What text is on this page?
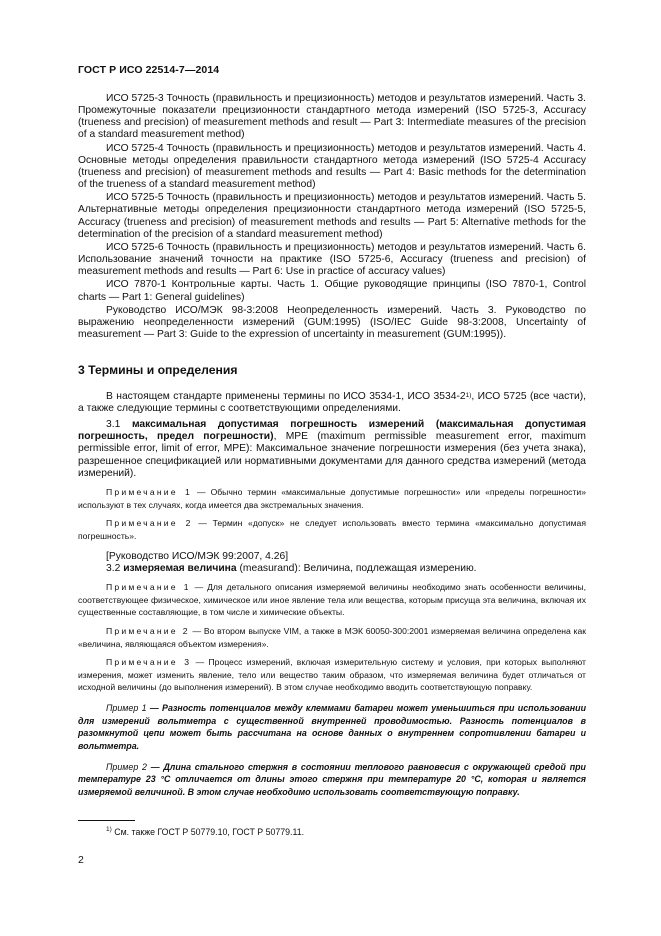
ГОСТ Р ИСО 22514-7—2014

ИСО 5725-3 Точность (правильность и прецизионность) методов и результатов измерений. Часть 3. Промежуточные показатели прецизионности стандартного метода измерений (ISO 5725-3, Accuracy (trueness and precision) of measurement methods and result — Part 3: Intermediate measures of the precision of a standard measurement method)

ИСО 5725-4 Точность (правильность и прецизионность) методов и результатов измерений. Часть 4. Основные методы определения правильности стандартного метода измерений (ISO 5725-4 Accuracy (trueness and precision) of measurement methods and results — Part 4: Basic methods for the determination of the trueness of a standard measurement method)

ИСО 5725-5 Точность (правильность и прецизионность) методов и результатов измерений. Часть 5. Альтернативные методы определения прецизионности стандартного метода измерений (ISO 5725-5, Accuracy (trueness and precision) of measurement methods and results — Part 5: Alternative methods for the determination of the precision of a standard measurement method)

ИСО 5725-6 Точность (правильность и прецизионность) методов и результатов измерений. Часть 6. Использование значений точности на практике (ISO 5725-6, Accuracy (trueness and precision) of measurement methods and results — Part 6: Use in practice of accuracy values)

ИСО 7870-1 Контрольные карты. Часть 1. Общие руководящие принципы (ISO 7870-1, Control charts — Part 1: General guidelines)

Руководство ИСО/МЭК 98-3:2008 Неопределенность измерений. Часть 3. Руководство по выражению неопределенности измерений (GUM:1995) (ISO/IEC Guide 98-3:2008, Uncertainty of measurement — Part 3: Guide to the expression of uncertainty in measurement (GUM:1995)).

3 Термины и определения

В настоящем стандарте применены термины по ИСО 3534-1, ИСО 3534-2$^{1)}$, ИСО 5725 (все части), а также следующие термины с соответствующими определениями.

3.1 максимальная допустимая погрешность измерений (максимальная допустимая погрешность, предел погрешности), MPE (maximum permissible measurement error, maximum permissible error, limit of error, MPE): Максимальное значение погрешности измерения (без учета знака), разрешенное спецификацией или нормативными документами для данного средства измерений (метода измерений).

Примечание 1 — Обычно термин «максимальные допустимые погрешности» или «пределы погрешности» используют в тех случаях, когда имеется два экстремальных значения.

Примечание 2 — Термин «допуск» не следует использовать вместо термина «максимально допустимая погрешность».

[Руководство ИСО/МЭК 99:2007, 4.26]

3.2 измеряемая величина (measurand): Величина, подлежащая измерению.

Примечание 1 — Для детального описания измеряемой величины необходимо знать особенности величины, соответствующее физическое, химическое или иное явление тела или вещества, которым присуща эта величина, включая их существенные составляющие, в том числе и химические объекты.

Примечание 2 — Во втором выпуске VIM, а также в МЭК 60050-300:2001 измеряемая величина определена как «величина, являющаяся объектом измерения».

Примечание 3 — Процесс измерений, включая измерительную систему и условия, при которых выполняют измерения, может изменить явление, тело или вещество таким образом, что измеряемая величина будет отличаться от исходной величины (до выполнения измерений). В этом случае необходимо вводить соответствующую поправку.

Пример 1 — Разность потенциалов между клеммами батареи может уменьшиться при использовании для измерений вольтметра с существенной внутренней проводимостью. Разность потенциалов в разомкнутой цепи может быть рассчитана на основе данных о внутреннем сопротивлении батареи и вольтметра.

Пример 2 — Длина стального стержня в состоянии теплового равновесия с окружающей средой при температуре 23 °С отличается от длины этого стержня при температуре 20 °С, которая и является измеряемой величиной. В этом случае необходимо использовать соответствующую поправку.

$^{1)}$ См. также ГОСТ Р 50779.10, ГОСТ Р 50779.11.
2
